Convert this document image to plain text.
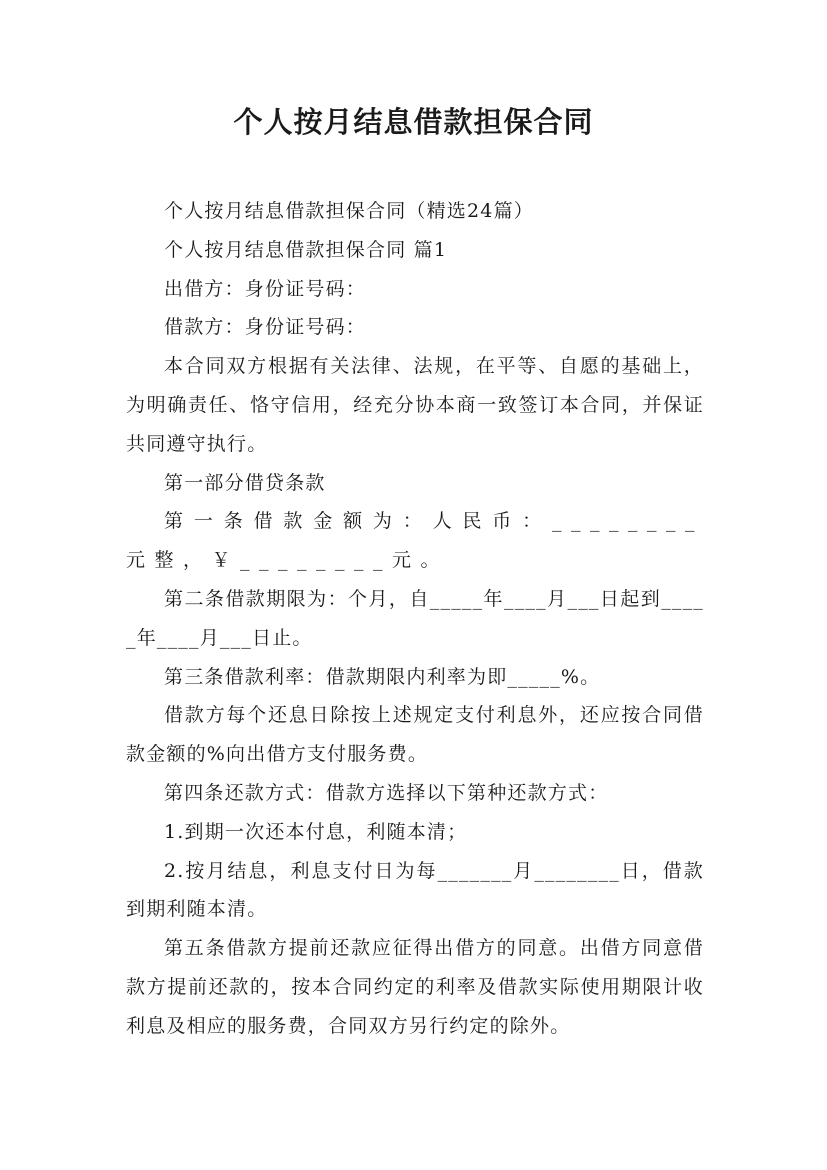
个人按月结息借款担保合同

个人按月结息借款担保合同（精选24篇）

个人按月结息借款担保合同 篇1

出借方：身份证号码：

借款方：身份证号码：

本合同双方根据有关法律、法规，在平等、自愿的基础上，为明确责任、恪守信用，经充分协本商一致签订本合同，并保证共同遵守执行。

第一部分借贷条款

第一条借款金额为：人民币：________元整，￥________元。

第二条借款期限为：个月，自_____年____月___日起到_____年____月___日止。

第三条借款利率：借款期限内利率为即_____%。

借款方每个还息日除按上述规定支付利息外，还应按合同借款金额的%向出借方支付服务费。

第四条还款方式：借款方选择以下第种还款方式：

1.到期一次还本付息，利随本清；

2.按月结息，利息支付日为每_______月________日，借款到期利随本清。

第五条借款方提前还款应征得出借方的同意。出借方同意借款方提前还款的，按本合同约定的利率及借款实际使用期限计收利息及相应的服务费，合同双方另行约定的除外。
